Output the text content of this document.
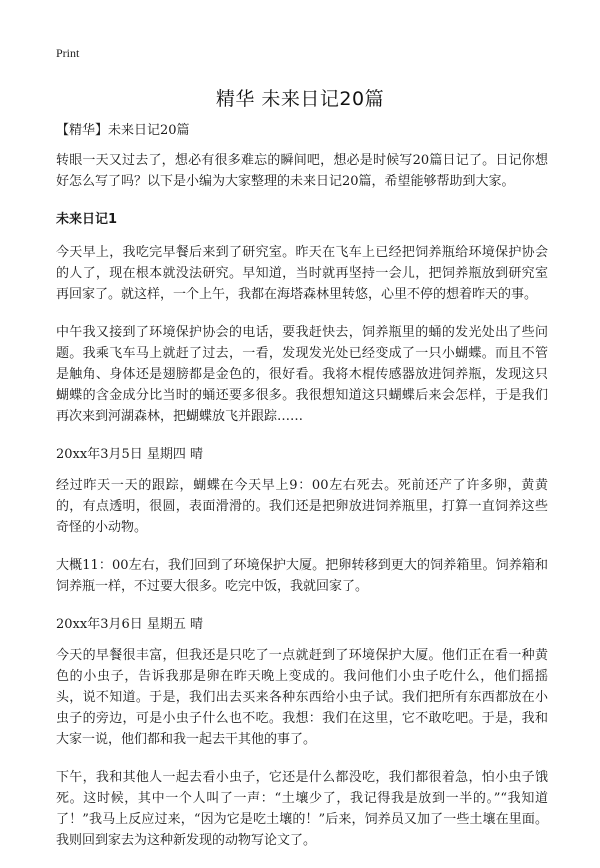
Print
精华 未来日记20篇

【精华】未来日记20篇

转眼一天又过去了，想必有很多难忘的瞬间吧，想必是时候写20篇日记了。日记你想好怎么写了吗？以下是小编为大家整理的未来日记20篇，希望能够帮助到大家。

未来日记1

今天早上，我吃完早餐后来到了研究室。昨天在飞车上已经把饲养瓶给环境保护协会的人了，现在根本就没法研究。早知道，当时就再坚持一会儿，把饲养瓶放到研究室再回家了。就这样，一个上午，我都在海塔森林里转悠，心里不停的想着昨天的事。

中午我又接到了环境保护协会的电话，要我赶快去，饲养瓶里的蛹的发光处出了些问题。我乘飞车马上就赶了过去，一看，发现发光处已经变成了一只小蝴蝶。而且不管是触角、身体还是翅膀都是金色的，很好看。我将木棍传感器放进饲养瓶，发现这只蝴蝶的含金成分比当时的蛹还要多很多。我很想知道这只蝴蝶后来会怎样，于是我们再次来到河湖森林，把蝴蝶放飞并跟踪……

20xx年3月5日 星期四 晴

经过昨天一天的跟踪，蝴蝶在今天早上9：00左右死去。死前还产了许多卵，黄黄的，有点透明，很圆，表面滑滑的。我们还是把卵放进饲养瓶里，打算一直饲养这些奇怪的小动物。

大概11：00左右，我们回到了环境保护大厦。把卵转移到更大的饲养箱里。饲养箱和饲养瓶一样，不过要大很多。吃完中饭，我就回家了。

20xx年3月6日 星期五 晴

今天的早餐很丰富，但我还是只吃了一点就赶到了环境保护大厦。他们正在看一种黄色的小虫子，告诉我那是卵在昨天晚上变成的。我问他们小虫子吃什么，他们摇摇头，说不知道。于是，我们出去买来各种东西给小虫子试。我们把所有东西都放在小虫子的旁边，可是小虫子什么也不吃。我想：我们在这里，它不敢吃吧。于是，我和大家一说，他们都和我一起去干其他的事了。

下午，我和其他人一起去看小虫子，它还是什么都没吃，我们都很着急，怕小虫子饿死。这时候，其中一个人叫了一声：“土壤少了，我记得我是放到一半的。”“我知道了！”我马上反应过来，“因为它是吃土壤的！”后来，饲养员又加了一些土壤在里面。我则回到家去为这种新发现的动物写论文了。
